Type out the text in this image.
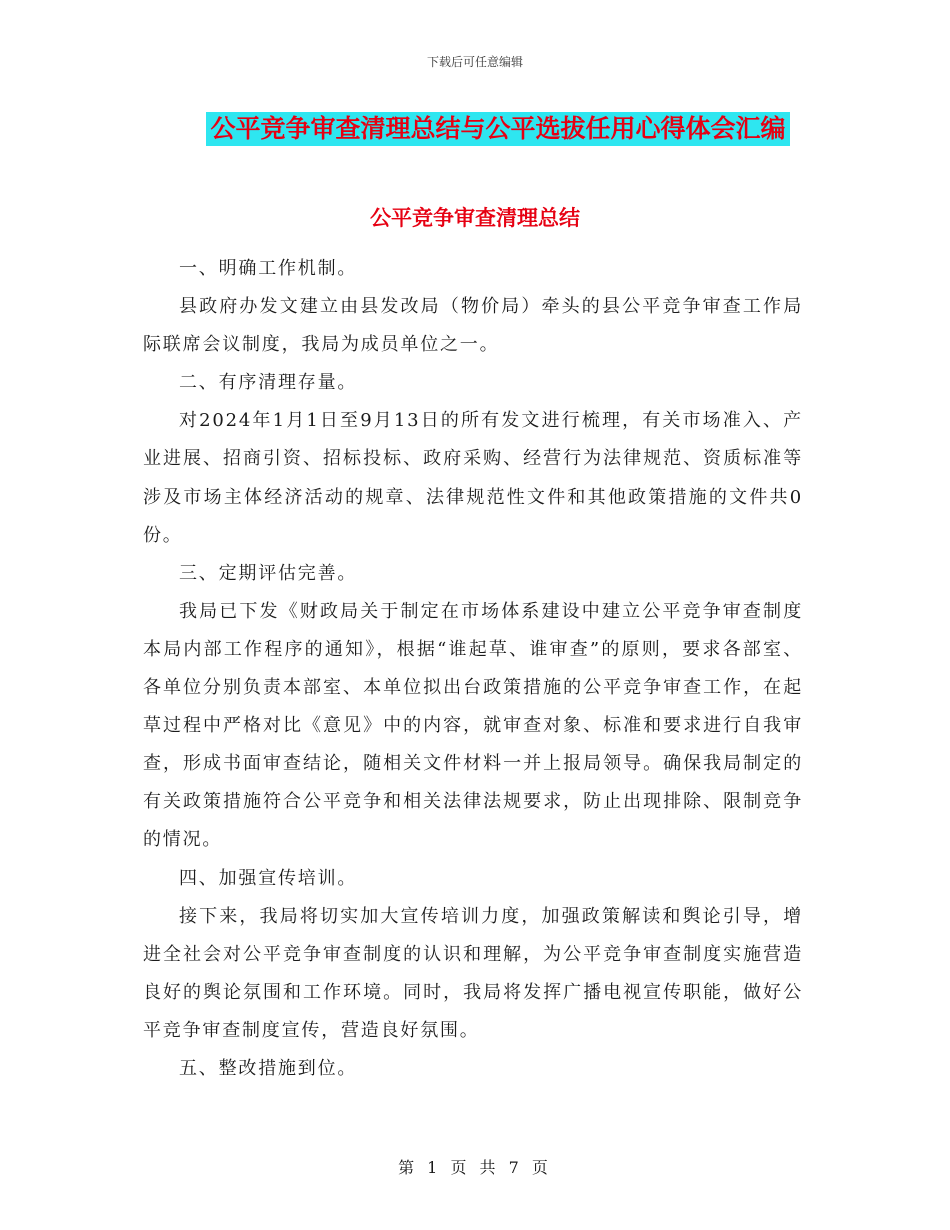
下载后可任意编辑
公平竞争审查清理总结与公平选拔任用心得体会汇编
公平竞争审查清理总结

一、明确工作机制。

县政府办发文建立由县发改局（物价局）牵头的县公平竞争审查工作局际联席会议制度，我局为成员单位之一。

二、有序清理存量。

对2024年1月1日至9月13日的所有发文进行梳理，有关市场准入、产业进展、招商引资、招标投标、政府采购、经营行为法律规范、资质标准等涉及市场主体经济活动的规章、法律规范性文件和其他政策措施的文件共0份。

三、定期评估完善。

我局已下发《财政局关于制定在市场体系建设中建立公平竞争审查制度本局内部工作程序的通知》，根据“谁起草、谁审查”的原则，要求各部室、各单位分别负责本部室、本单位拟出台政策措施的公平竞争审查工作，在起草过程中严格对比《意见》中的内容，就审查对象、标准和要求进行自我审查，形成书面审查结论，随相关文件材料一并上报局领导。确保我局制定的有关政策措施符合公平竞争和相关法律法规要求，防止出现排除、限制竞争的情况。

四、加强宣传培训。

接下来，我局将切实加大宣传培训力度，加强政策解读和舆论引导，增进全社会对公平竞争审查制度的认识和理解，为公平竞争审查制度实施营造良好的舆论氛围和工作环境。同时，我局将发挥广播电视宣传职能，做好公平竞争审查制度宣传，营造良好氛围。

五、整改措施到位。

第 1 页 共 7 页
